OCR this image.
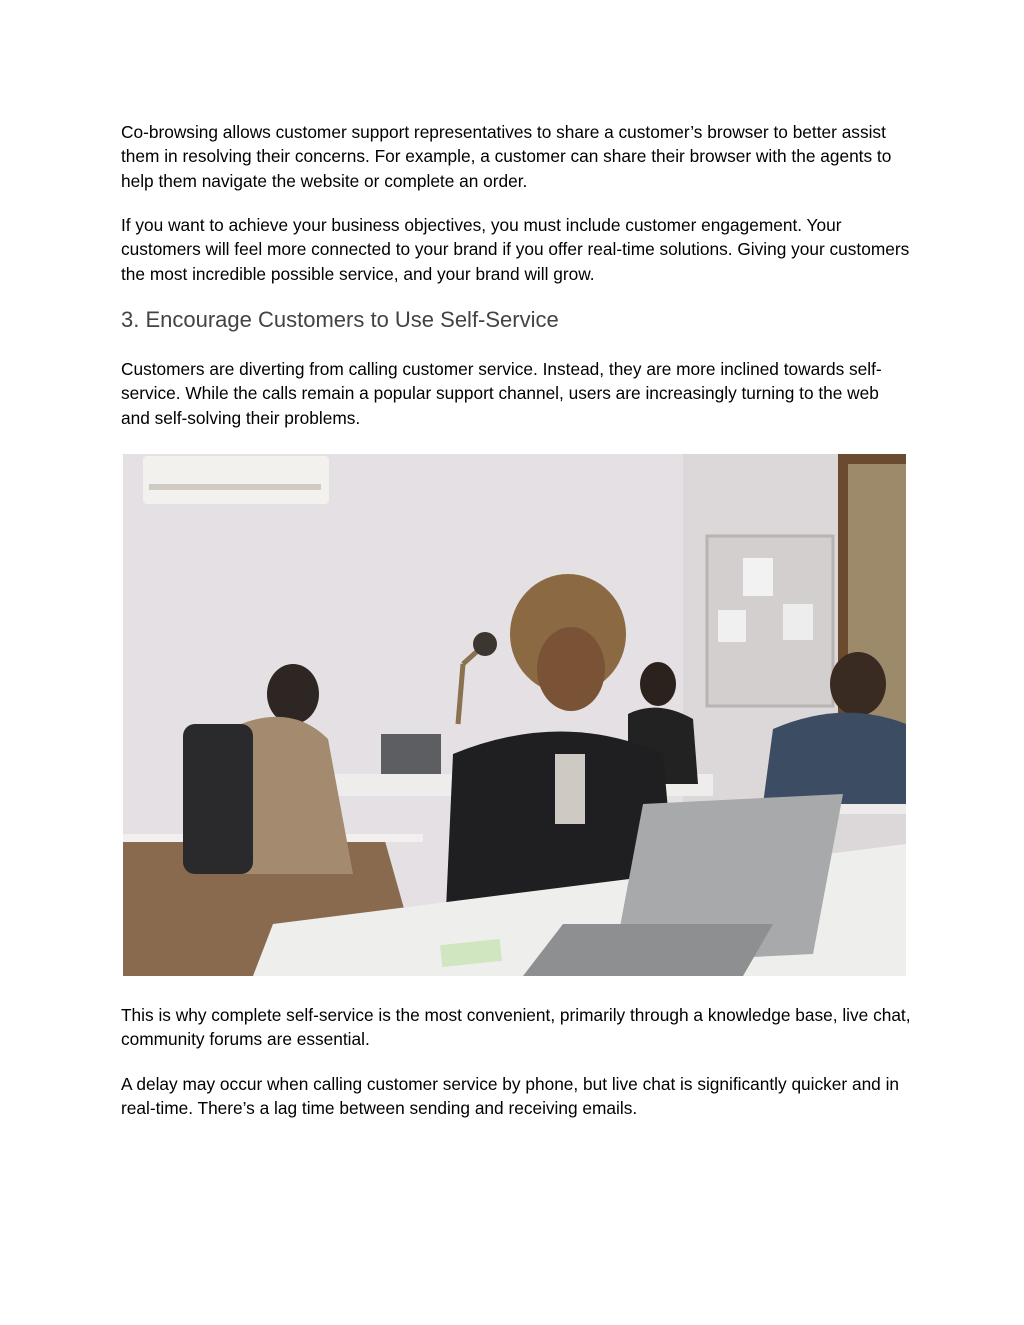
Co-browsing allows customer support representatives to share a customer’s browser to better assist them in resolving their concerns. For example, a customer can share their browser with the agents to help them navigate the website or complete an order.

If you want to achieve your business objectives, you must include customer engagement. Your customers will feel more connected to your brand if you offer real-time solutions. Giving your customers the most incredible possible service, and your brand will grow.

3. Encourage Customers to Use Self-Service

Customers are diverting from calling customer service. Instead, they are more inclined towards self-service. While the calls remain a popular support channel, users are increasingly turning to the web and self-solving their problems.

This is why complete self-service is the most convenient, primarily through a knowledge base, live chat, community forums are essential.

A delay may occur when calling customer service by phone, but live chat is significantly quicker and in real-time. There’s a lag time between sending and receiving emails.
